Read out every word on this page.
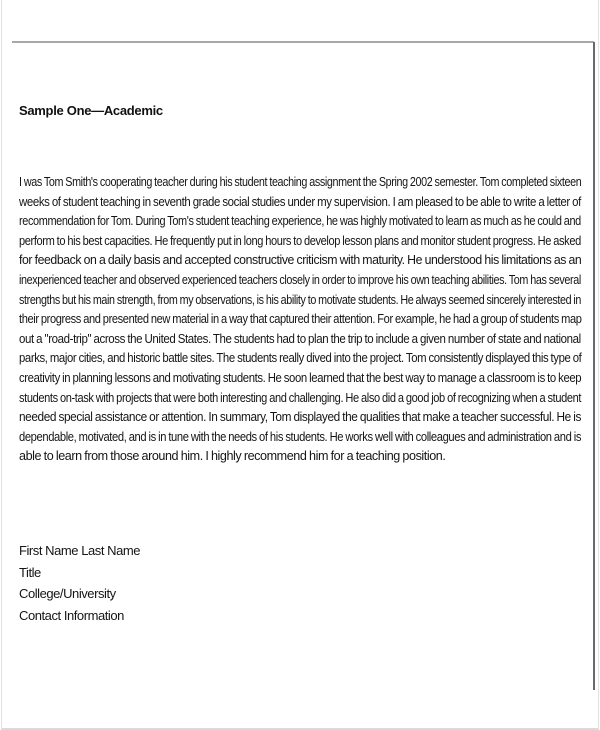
Sample One—Academic
I was Tom Smith's cooperating teacher during his student teaching assignment the Spring 2002 semester. Tom completed sixteen
weeks of student teaching in seventh grade social studies under my supervision. I am pleased to be able to write a letter of
recommendation for Tom. During Tom's student teaching experience, he was highly motivated to learn as much as he could and
perform to his best capacities. He frequently put in long hours to develop lesson plans and monitor student progress. He asked
for feedback on a daily basis and accepted constructive criticism with maturity. He understood his limitations as an
inexperienced teacher and observed experienced teachers closely in order to improve his own teaching abilities. Tom has several
strengths but his main strength, from my observations, is his ability to motivate students. He always seemed sincerely interested in
their progress and presented new material in a way that captured their attention. For example, he had a group of students map
out a "road-trip" across the United States. The students had to plan the trip to include a given number of state and national
parks, major cities, and historic battle sites. The students really dived into the project. Tom consistently displayed this type of
creativity in planning lessons and motivating students. He soon learned that the best way to manage a classroom is to keep
students on-task with projects that were both interesting and challenging. He also did a good job of recognizing when a student
needed special assistance or attention. In summary, Tom displayed the qualities that make a teacher successful. He is
dependable, motivated, and is in tune with the needs of his students. He works well with colleagues and administration and is
able to learn from those around him. I highly recommend him for a teaching position.
First Name Last Name
Title
College/University
Contact Information
